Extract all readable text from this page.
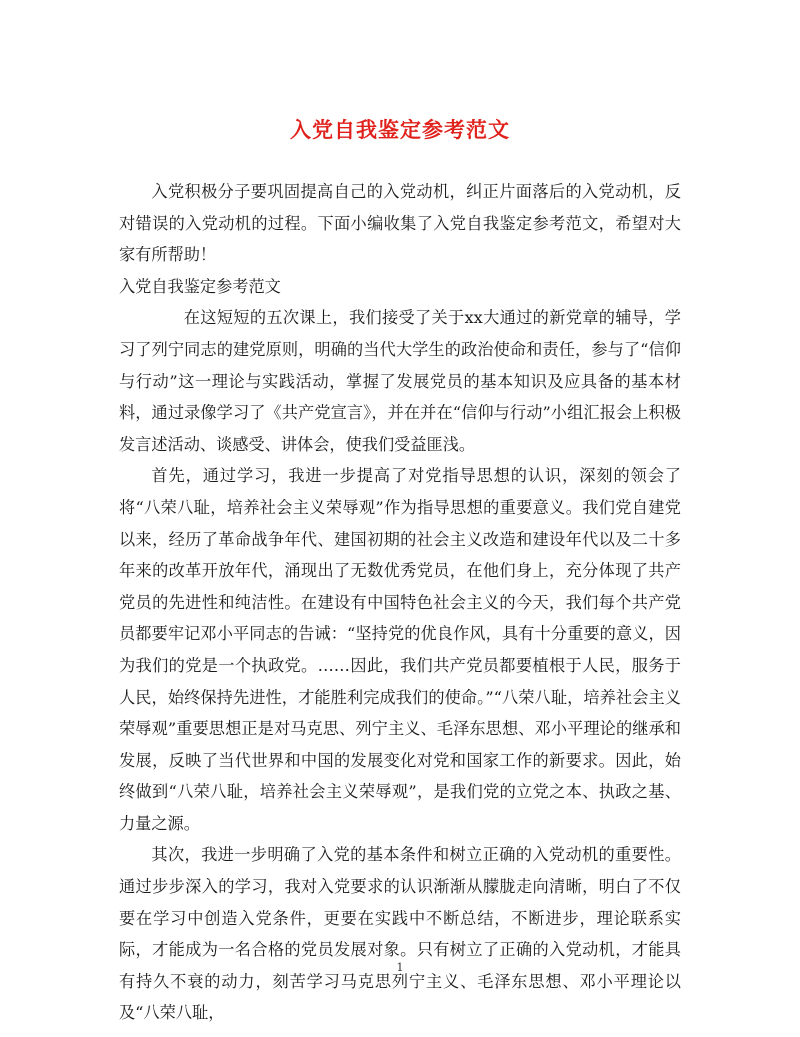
入党自我鉴定参考范文

入党积极分子要巩固提高自己的入党动机，纠正片面落后的入党动机，反对错误的入党动机的过程。下面小编收集了入党自我鉴定参考范文，希望对大家有所帮助！

入党自我鉴定参考范文

在这短短的五次课上，我们接受了关于xx大通过的新党章的辅导，学习了列宁同志的建党原则，明确的当代大学生的政治使命和责任，参与了“信仰与行动”这一理论与实践活动，掌握了发展党员的基本知识及应具备的基本材料，通过录像学习了《共产党宣言》，并在并在“信仰与行动”小组汇报会上积极发言述活动、谈感受、讲体会，使我们受益匪浅。

首先，通过学习，我进一步提高了对党指导思想的认识，深刻的领会了将“八荣八耻，培养社会主义荣辱观”作为指导思想的重要意义。我们党自建党以来，经历了革命战争年代、建国初期的社会主义改造和建设年代以及二十多年来的改革开放年代，涌现出了无数优秀党员，在他们身上，充分体现了共产党员的先进性和纯洁性。在建设有中国特色社会主义的今天，我们每个共产党员都要牢记邓小平同志的告诫：“坚持党的优良作风，具有十分重要的意义，因为我们的党是一个执政党。……因此，我们共产党员都要植根于人民，服务于人民，始终保持先进性，才能胜利完成我们的使命。”“八荣八耻，培养社会主义荣辱观”重要思想正是对马克思、列宁主义、毛泽东思想、邓小平理论的继承和发展，反映了当代世界和中国的发展变化对党和国家工作的新要求。因此，始终做到“八荣八耻，培养社会主义荣辱观”，是我们党的立党之本、执政之基、力量之源。

其次，我进一步明确了入党的基本条件和树立正确的入党动机的重要性。通过步步深入的学习，我对入党要求的认识渐渐从朦胧走向清晰，明白了不仅要在学习中创造入党条件，更要在实践中不断总结，不断进步，理论联系实际，才能成为一名合格的党员发展对象。只有树立了正确的入党动机，才能具有持久不衰的动力，刻苦学习马克思列宁主义、毛泽东思想、邓小平理论以及“八荣八耻，

1
